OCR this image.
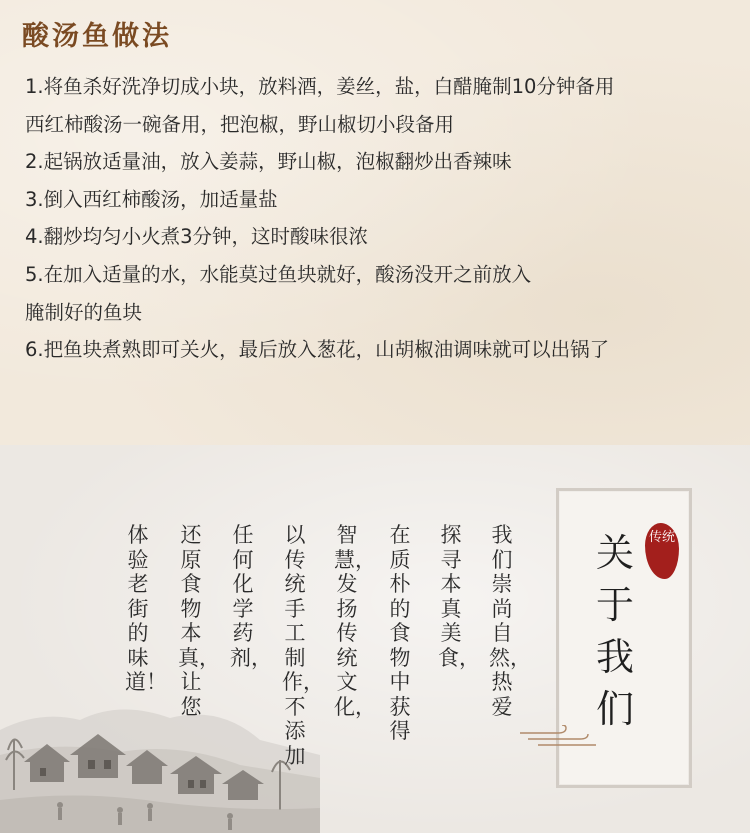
酸汤鱼做法
1.将鱼杀好洗净切成小块，放料酒，姜丝，盐，白醋腌制10分钟备用
西红柿酸汤一碗备用，把泡椒，野山椒切小段备用
2.起锅放适量油，放入姜蒜，野山椒，泡椒翻炒出香辣味
3.倒入西红柿酸汤，加适量盐
4.翻炒均匀小火煮3分钟，这时酸味很浓
5.在加入适量的水，水能莫过鱼块就好，酸汤没开之前放入
腌制好的鱼块
6.把鱼块煮熟即可关火，最后放入葱花，山胡椒油调味就可以出锅了
我们崇尚自然，热爱
探寻本真美食，
在质朴的食物中获得
智慧，发扬传统文化，
以传统手工制作，不添加
任何化学药剂，
还原食物本真，让您
体验老街的味道！
关于我们
传统
